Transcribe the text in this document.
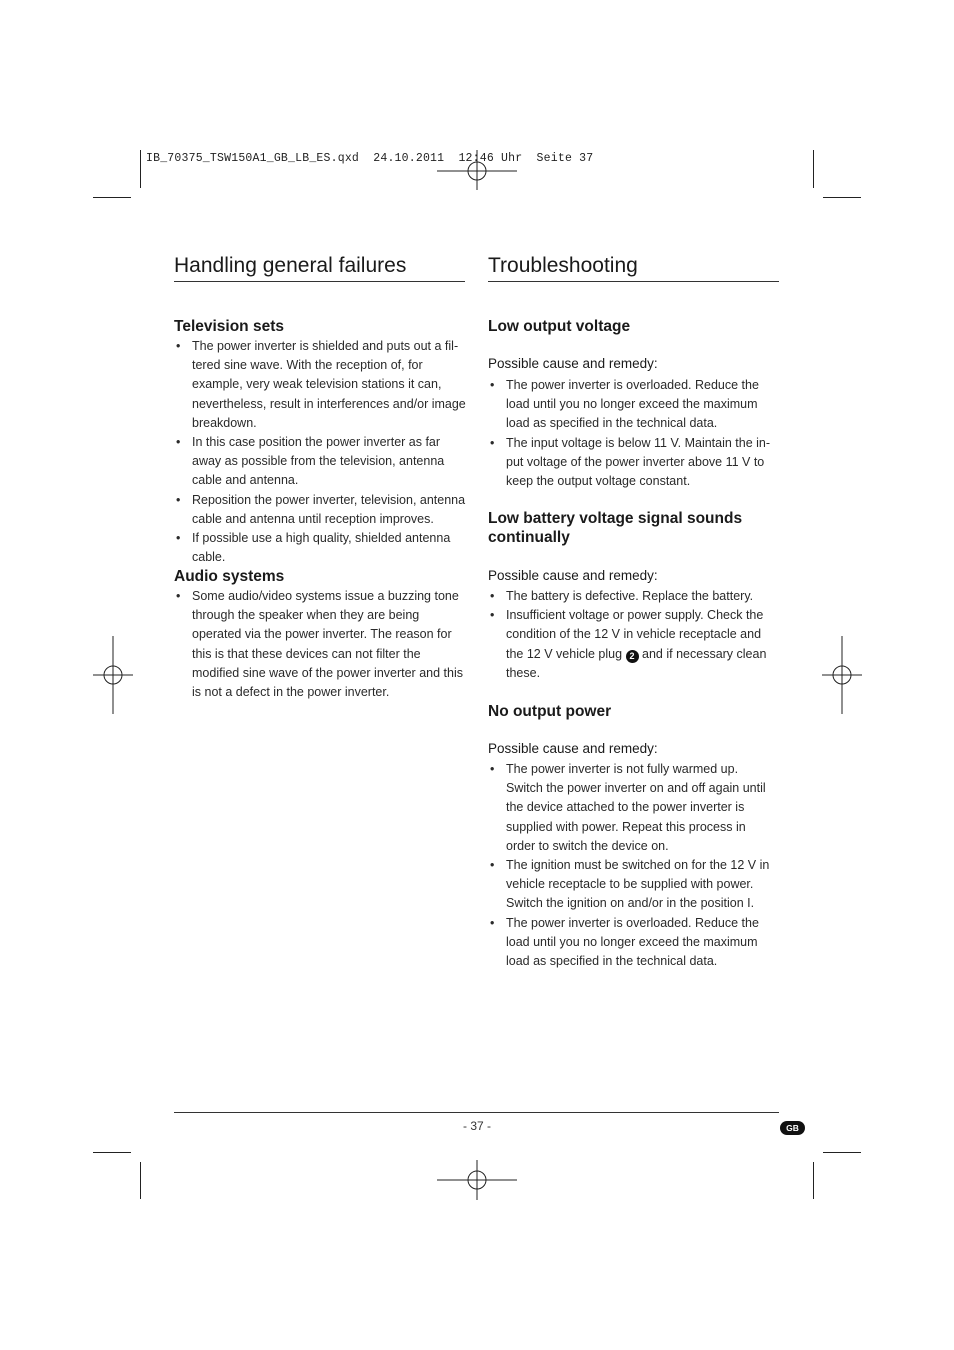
IB_70375_TSW150A1_GB_LB_ES.qxd  24.10.2011  12:46 Uhr  Seite 37
Handling general failures
Television sets
• The power inverter is shielded and puts out a fil-tered sine wave. With the reception of, for example, very weak television stations it can, nevertheless, result in interferences and/or image breakdown.
• In this case position the power inverter as far away as possible from the television, antenna cable and antenna.
• Reposition the power inverter, television, antenna cable and antenna until reception improves.
• If possible use a high quality, shielded antenna cable.
Audio systems
• Some audio/video systems issue a buzzing tone through the speaker when they are being operated via the power inverter. The reason for this is that these devices can not filter the modified sine wave of the power inverter and this is not a defect in the power inverter.
Troubleshooting
Low output voltage

Possible cause and remedy:

• The power inverter is overloaded. Reduce the load until you no longer exceed the maximum load as specified in the technical data.
• The input voltage is below 11 V. Maintain the in-put voltage of the power inverter above 11 V to keep the output voltage constant.
Low battery voltage signal sounds continually

Possible cause and remedy:

• The battery is defective. Replace the battery.
• Insufficient voltage or power supply. Check the condition of the 12 V in vehicle receptacle and the 12 V vehicle plug 2 and if necessary clean these.
No output power

Possible cause and remedy:

• The power inverter is not fully warmed up. Switch the power inverter on and off again until the device attached to the power inverter is supplied with power. Repeat this process in order to switch the device on.
• The ignition must be switched on for the 12 V in vehicle receptacle to be supplied with power. Switch the ignition on and/or in the position I.
• The power inverter is overloaded. Reduce the load until you no longer exceed the maximum load as specified in the technical data.
- 37 -	GB
